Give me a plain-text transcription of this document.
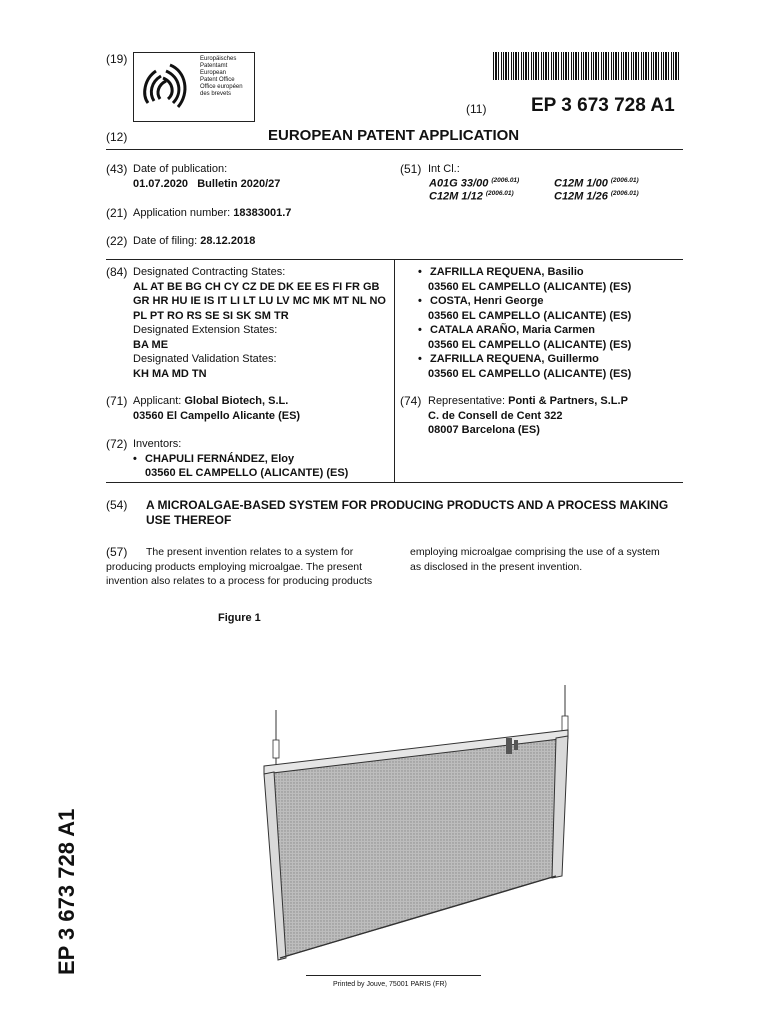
(19)	Europäisches
Patentamt
European
Patent Office
Office européen
des brevets
(11) EP 3 673 728 A1
(12)	EUROPEAN PATENT APPLICATION
(43) Date of publication:
01.07.2020   Bulletin 2020/27
(51) Int Cl.:
A01G 33/00 $^{(2006.01)}$	C12M 1/00 $^{(2006.01)}$
C12M 1/12 $^{(2006.01)}$	C12M 1/26 $^{(2006.01)}$
(21) Application number: 18383001.7
(22) Date of filing: 28.12.2018
(84) Designated Contracting States:
AL AT BE BG CH CY CZ DE DK EE ES FI FR GB
GR HR HU IE IS IT LI LT LU LV MC MK MT NL NO
PL PT RO RS SE SI SK SM TR
Designated Extension States:
BA ME
Designated Validation States:
KH MA MD TN
• ZAFRILLA REQUENA, Basilio
03560 EL CAMPELLO (ALICANTE) (ES)
• COSTA, Henri George
03560 EL CAMPELLO (ALICANTE) (ES)
• CATALA ARAÑO, Maria Carmen
03560 EL CAMPELLO (ALICANTE) (ES)
• ZAFRILLA REQUENA, Guillermo
03560 EL CAMPELLO (ALICANTE) (ES)
(71) Applicant: Global Biotech, S.L.
03560 El Campello Alicante (ES)
(74) Representative: Ponti & Partners, S.L.P
C. de Consell de Cent 322
08007 Barcelona (ES)
(72) Inventors:
• CHAPULI FERNÁNDEZ, Eloy
03560 EL CAMPELLO (ALICANTE) (ES)
(54) A MICROALGAE-BASED SYSTEM FOR PRODUCING PRODUCTS AND A PROCESS MAKING
USE THEREOF
(57) The present invention relates to a system for
producing products employing microalgae. The present
invention also relates to a process for producing products
employing microalgae comprising the use of a system
as disclosed in the present invention.
Figure 1
Printed by Jouve, 75001 PARIS (FR)
EP 3 673 728 A1
